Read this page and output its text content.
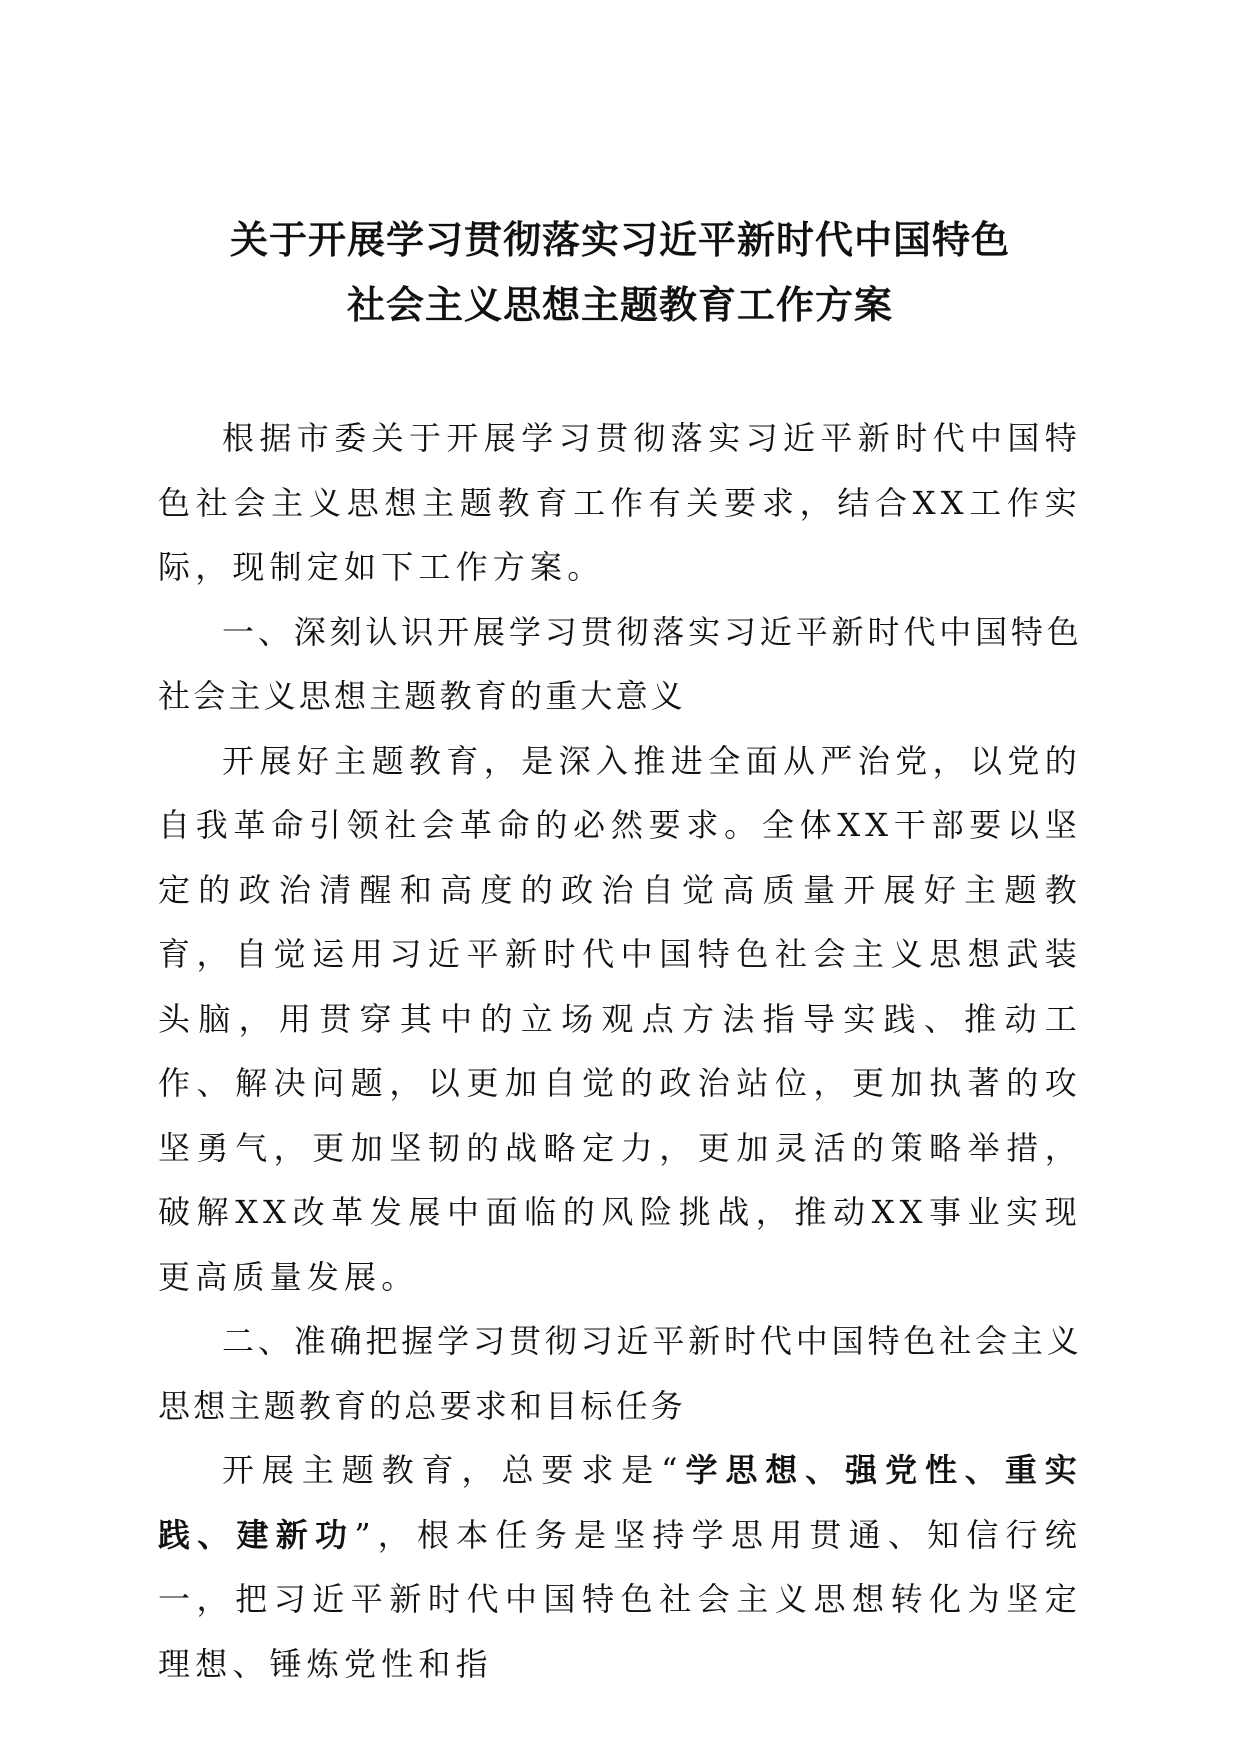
关于开展学习贯彻落实习近平新时代中国特色
社会主义思想主题教育工作方案

根据市委关于开展学习贯彻落实习近平新时代中国特色社会主义思想主题教育工作有关要求，结合XX工作实际，现制定如下工作方案。

一、深刻认识开展学习贯彻落实习近平新时代中国特色社会主义思想主题教育的重大意义

开展好主题教育，是深入推进全面从严治党，以党的自我革命引领社会革命的必然要求。全体XX干部要以坚定的政治清醒和高度的政治自觉高质量开展好主题教育，自觉运用习近平新时代中国特色社会主义思想武装头脑，用贯穿其中的立场观点方法指导实践、推动工作、解决问题，以更加自觉的政治站位，更加执著的攻坚勇气，更加坚韧的战略定力，更加灵活的策略举措，破解XX改革发展中面临的风险挑战，推动XX事业实现更高质量发展。

二、准确把握学习贯彻习近平新时代中国特色社会主义思想主题教育的总要求和目标任务

开展主题教育，总要求是“学思想、强党性、重实践、建新功”，根本任务是坚持学思用贯通、知信行统一，把习近平新时代中国特色社会主义思想转化为坚定理想、锤炼党性和指
